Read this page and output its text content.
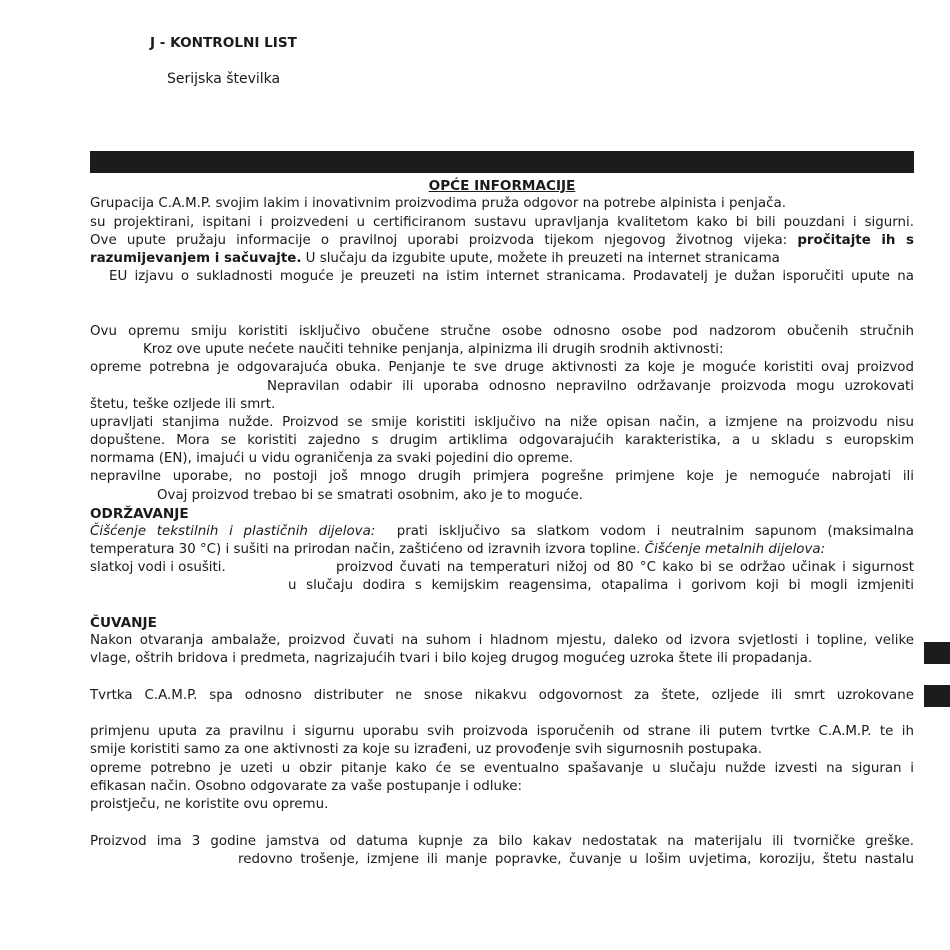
J - KONTROLNI LIST
Serijska številka
OPĆE INFORMACIJE
Grupacija C.A.M.P. svojim lakim i inovativnim proizvodima pruža odgovor na potrebe alpinista i penjača.
su projektirani, ispitani i proizvedeni u certificiranom sustavu upravljanja kvalitetom kako bi bili pouzdani i sigurni.
Ove upute pružaju informacije o pravilnoj uporabi proizvoda tijekom njegovog životnog vijeka: pročitajte ih s
razumijevanjem i sačuvajte. U slučaju da izgubite upute, možete ih preuzeti na internet stranicama
EU izjavu o sukladnosti moguće je preuzeti na istim internet stranicama. Prodavatelj je dužan isporučiti upute na
Ovu opremu smiju koristiti isključivo obučene stručne osobe odnosno osobe pod nadzorom obučenih stručnih
Kroz ove upute nećete naučiti tehnike penjanja, alpinizma ili drugih srodnih aktivnosti:
opreme potrebna je odgovarajuća obuka. Penjanje te sve druge aktivnosti za koje je moguće koristiti ovaj proizvod
Nepravilan odabir ili uporaba odnosno nepravilno održavanje proizvoda mogu uzrokovati
štetu, teške ozljede ili smrt.
upravljati stanjima nužde. Proizvod se smije koristiti isključivo na niže opisan način, a izmjene na proizvodu nisu
dopuštene. Mora se koristiti zajedno s drugim artiklima odgovarajućih karakteristika, a u skladu s europskim
normama (EN), imajući u vidu ograničenja za svaki pojedini dio opreme.
nepravilne uporabe, no postoji još mnogo drugih primjera pogrešne primjene koje je nemoguće nabrojati ili
Ovaj proizvod trebao bi se smatrati osobnim, ako je to moguće.
ODRŽAVANJE
Čišćenje tekstilnih i plastičnih dijelova: prati isključivo sa slatkom vodom i neutralnim sapunom (maksimalna
temperatura 30 °C) i sušiti na prirodan način, zaštićeno od izravnih izvora topline. Čišćenje metalnih dijelova:
slatkoj vodi i osušiti.	proizvod čuvati na temperaturi nižoj od 80 °C kako bi se održao učinak i sigurnost
u slučaju dodira s kemijskim reagensima, otapalima i gorivom koji bi mogli izmjeniti
ČUVANJE
Nakon otvaranja ambalaže, proizvod čuvati na suhom i hladnom mjestu, daleko od izvora svjetlosti i topline, velike
vlage, oštrih bridova i predmeta, nagrizajućih tvari i bilo kojeg drugog mogućeg uzroka štete ili propadanja.
Tvrtka C.A.M.P. spa odnosno distributer ne snose nikakvu odgovornost za štete, ozljede ili smrt uzrokovane
primjenu uputa za pravilnu i sigurnu uporabu svih proizvoda isporučenih od strane ili putem tvrtke C.A.M.P. te ih
smije koristiti samo za one aktivnosti za koje su izrađeni, uz provođenje svih sigurnosnih postupaka.
opreme potrebno je uzeti u obzir pitanje kako će se eventualno spašavanje u slučaju nužde izvesti na siguran i
efikasan način. Osobno odgovarate za vaše postupanje i odluke:
proistječu, ne koristite ovu opremu.
Proizvod ima 3 godine jamstva od datuma kupnje za bilo kakav nedostatak na materijalu ili tvorničke greške.
redovno trošenje, izmjene ili manje popravke, čuvanje u lošim uvjetima, koroziju, štetu nastalu
